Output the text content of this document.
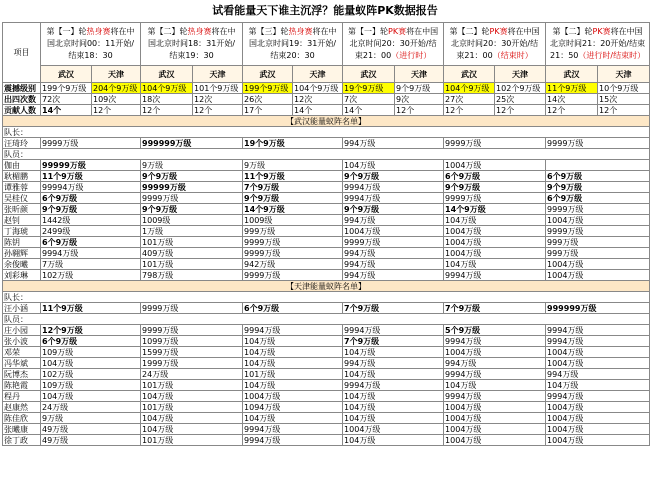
试看能量天下谁主沉浮？能量蚁阵PK数据报告
项目	第【一】轮热身赛将在中国北京时间00：11开始/结束18：30		第【二】轮热身赛将在中国北京时间18：31开始/结束19：30		第【三】轮热身赛将在中国北京时间19：31开始/结束20：30		第【一】轮PK赛将在中国北京时间20：30开始/结束21：00（进行时）		第【二】轮PK赛将在中国北京时间20：30开始/结束21：00（结束时）		第【二】轮PK赛将在中国北京时间21：20开始/结束21：50（进行时/结束时）	
	武汉	天津	武汉	天津	武汉	天津	武汉	天津	武汉	天津	武汉	天津
震撼级别	199个9万级	204个9万级	104个9万级	101个9万级	199个9万级	104个9万级	19个9万级	9个9万级	104个9万级	102个9万级	11个9万级	10个9万级
出四次数	72次	109次	18次	12次	26次	12次	7次	9次	27次	25次	14次	15次
贡献人数	14个	12个	12个	12个	17个	14个	14个	12个	12个	12个	12个	12个
【武汉能量蚁阵名单】												
队长：												
汪琦玲	9999万级		999999万级		19个9万级		994万级		9999万级		9999万级	
队员：												
伽由	99999万级		9万级		9万级		104万级		1004万级			
耿楣鹏	11个9万级		9个9万级		11个9万级		9个9万级		6个9万级		6个9万级	
谭雅蓉	99994万级		99999万级		7个9万级		9994万级		9个9万级		9个9万级	
吴桂仪	6个9万级		9999万级		9个9万级		9994万级		9999万级		6个9万级	
张昕颜	9个9万级		9个9万级		14个9万级		9个9万级		14个9万级		9999万级	
赵钊	1442级		1009级		1009级		994万级		104万级		1004万级	
丁海琥	2499级		1万级		999万级		1004万级		1004万级		9999万级	
陈钥	6个9万级		101万级		9999万级		9999万级		1004万级		999万级	
孙翱辉	9994万级		409万级		9999万级		994万级		1004万级		999万级	
余俊曦	7万级		101万级		942万级		994万级		104万级		1004万级	
刘彩琳	102万级		798万级		9999万级		994万级		9994万级		1004万级	
【天津能量蚁阵名单】												
队长：												
汪小涵	11个9万级		9999万级		6个9万级		7个9万级		7个9万级		999999万级	
队员：												
庄小园	12个9万级		9999万级		9994万级		9994万级		5个9万级		9994万级	
张小波	6个9万级		1099万级		104万级		7个9万级		9994万级		9994万级	
邓荣	109万级		1599万级		104万级		104万级		1004万级		1004万级	
冯华斌	104万级		1999万级		104万级		994万级		994万级		1004万级	
阮博杰	102万级		24万级		101万级		104万级		9994万级		994万级	
陈艳霞	109万级		101万级		104万级		9994万级		104万级		104万级	
程丹	104万级		104万级		1004万级		104万级		9994万级		9994万级	
赵康然	24万级		101万级		1094万级		104万级		1004万级		1004万级	
陈佳欣	9万级		104万级		104万级		104万级		1004万级		1004万级	
张曦康	49万级		104万级		9994万级		1004万级		1004万级		1004万级	
徐丁政	49万级		101万级		9994万级		104万级		1004万级		1004万级	
